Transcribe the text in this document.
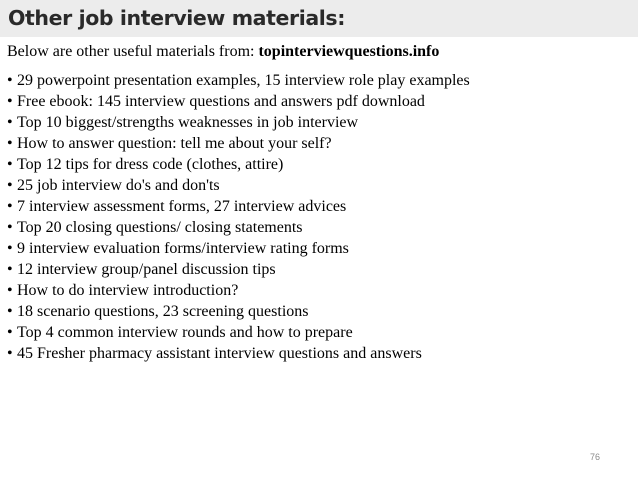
Other job interview materials:
Below are other useful materials from: topinterviewquestions.info
• 29 powerpoint presentation examples, 15 interview role play examples
• Free ebook: 145 interview questions and answers pdf download
• Top 10 biggest/strengths weaknesses in job interview
• How to answer question: tell me about your self?
• Top 12 tips for dress code (clothes, attire)
• 25 job interview do's and don'ts
• 7 interview assessment forms, 27 interview advices
• Top 20 closing questions/ closing statements
• 9 interview evaluation forms/interview rating forms
• 12 interview group/panel discussion tips
• How to do interview introduction?
• 18 scenario questions, 23 screening questions
• Top 4 common interview rounds and how to prepare
• 45 Fresher pharmacy assistant interview questions and answers
76
